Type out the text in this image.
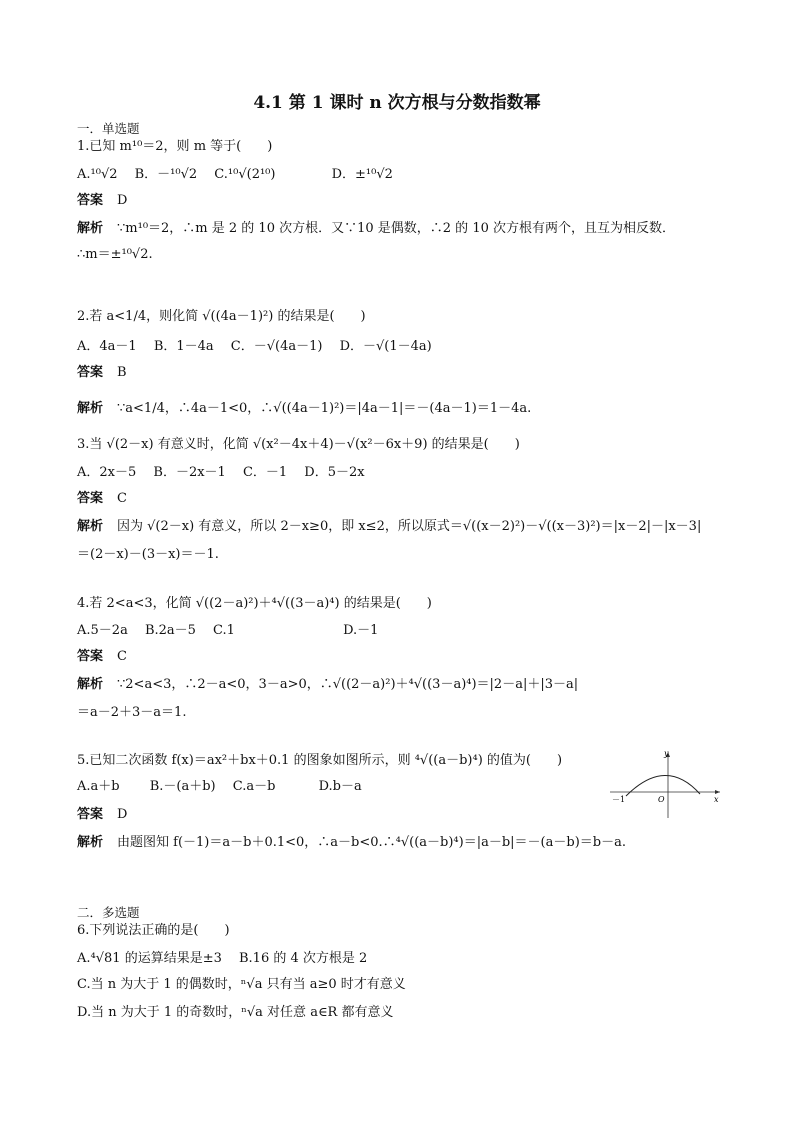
4.1 第 1 课时 n 次方根与分数指数幂
一．单选题
1.已知 m¹⁰＝2，则 m 等于(　　)
A.¹⁰√2　 B．－¹⁰√2　 C.¹⁰√(2¹⁰)　　　　 D．±¹⁰√2
答案 D
解析 ∵m¹⁰＝2，∴m 是 2 的 10 次方根．又∵10 是偶数，∴2 的 10 次方根有两个，且互为相反数．
∴m＝±¹⁰√2.
2.若 a<1/4，则化简 √((4a－1)²) 的结果是(　　)
A．4a－1　 B．1－4a　 C．－√(4a－1)　 D．－√(1－4a)
答案 B
解析 ∵a<1/4，∴4a－1<0，∴√((4a－1)²)＝|4a－1|＝－(4a－1)＝1－4a.
3.当 √(2－x) 有意义时，化简 √(x²－4x＋4)－√(x²－6x＋9) 的结果是(　　)
A．2x－5　 B．－2x－1　 C．－1　 D．5－2x
答案 C
解析 因为 √(2－x) 有意义，所以 2－x≥0，即 x≤2，所以原式＝√((x－2)²)－√((x－3)²)＝|x－2|－|x－3|
＝(2－x)－(3－x)＝－1.
4.若 2<a<3，化简 √((2－a)²)＋⁴√((3－a)⁴) 的结果是(　　)
A.5－2a　 B.2a－5　 C.1　　　　　　　　 D.－1
答案 C
解析 ∵2<a<3，∴2－a<0，3－a>0，∴√((2－a)²)＋⁴√((3－a)⁴)＝|2－a|＋|3－a|
＝a－2＋3－a＝1.
5.已知二次函数 f(x)＝ax²＋bx＋0.1 的图象如图所示，则 ⁴√((a－b)⁴) 的值为(　　)
A.a＋b　　 B.－(a＋b)　 C.a－b　　　 D.b－a
答案 D
解析 由题图知 f(－1)＝a－b＋0.1<0，∴a－b<0.∴⁴√((a－b)⁴)＝|a－b|＝－(a－b)＝b－a.
y
x
O
－1
二．多选题
6.下列说法正确的是(　　)
A.⁴√81 的运算结果是±3　 B.16 的 4 次方根是 2
C.当 n 为大于 1 的偶数时，ⁿ√a 只有当 a≥0 时才有意义
D.当 n 为大于 1 的奇数时，ⁿ√a 对任意 a∈R 都有意义
